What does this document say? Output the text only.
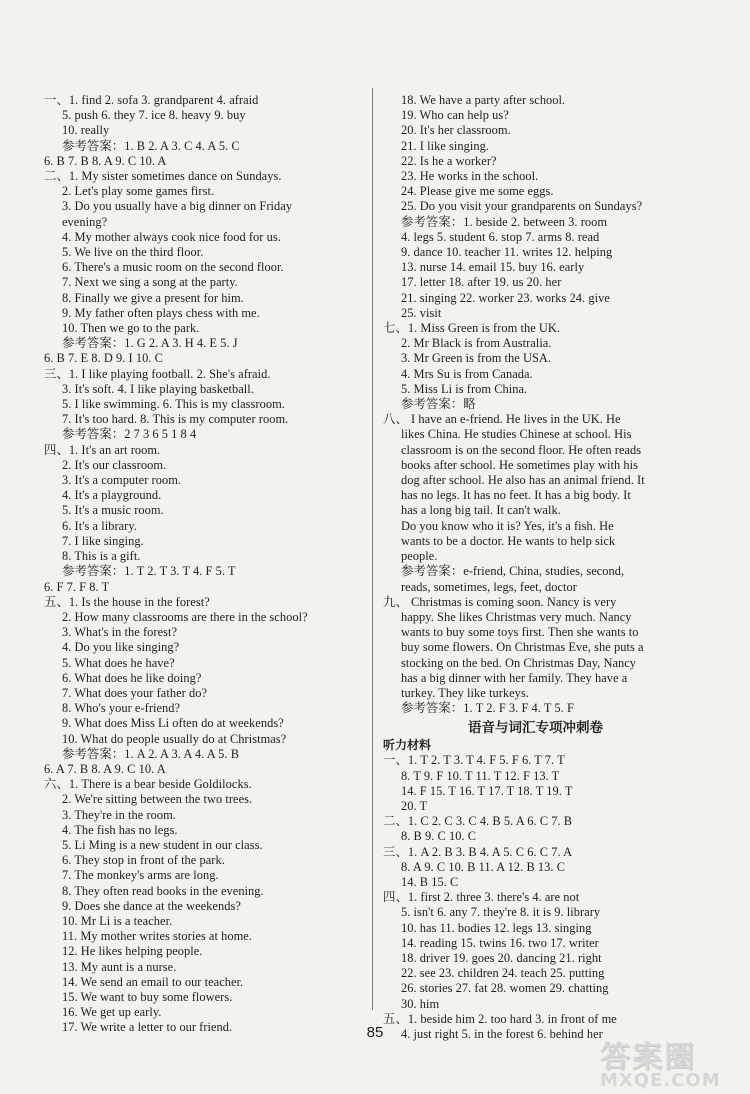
一、1. find 2. sofa 3. grandparent 4. afraid
5. push 6. they 7. ice 8. heavy 9. buy
10. really
参考答案：1. B 2. A 3. C 4. A 5. C
6. B 7. B 8. A 9. C 10. A
二、1. My sister sometimes dance on Sundays.
2. Let's play some games first.
3. Do you usually have a big dinner on Friday
evening?
4. My mother always cook nice food for us.
5. We live on the third floor.
6. There's a music room on the second floor.
7. Next we sing a song at the party.
8. Finally we give a present for him.
9. My father often plays chess with me.
10. Then we go to the park.
参考答案：1. G 2. A 3. H 4. E 5. J
6. B 7. E 8. D 9. I 10. C
三、1. I like playing football. 2. She's afraid.
3. It's soft. 4. I like playing basketball.
5. I like swimming. 6. This is my classroom.
7. It's too hard. 8. This is my computer room.
参考答案：2 7 3 6 5 1 8 4
四、1. It's an art room.
2. It's our classroom.
3. It's a computer room.
4. It's a playground.
5. It's a music room.
6. It's a library.
7. I like singing.
8. This is a gift.
参考答案：1. T 2. T 3. T 4. F 5. T
6. F 7. F 8. T
五、1. Is the house in the forest?
2. How many classrooms are there in the school?
3. What's in the forest?
4. Do you like singing?
5. What does he have?
6. What does he like doing?
7. What does your father do?
8. Who's your e-friend?
9. What does Miss Li often do at weekends?
10. What do people usually do at Christmas?
参考答案：1. A 2. A 3. A 4. A 5. B
6. A 7. B 8. A 9. C 10. A
六、1. There is a bear beside Goldilocks.
2. We're sitting between the two trees.
3. They're in the room.
4. The fish has no legs.
5. Li Ming is a new student in our class.
6. They stop in front of the park.
7. The monkey's arms are long.
8. They often read books in the evening.
9. Does she dance at the weekends?
10. Mr Li is a teacher.
11. My mother writes stories at home.
12. He likes helping people.
13. My aunt is a nurse.
14. We send an email to our teacher.
15. We want to buy some flowers.
16. We get up early.
17. We write a letter to our friend.
18. We have a party after school.
19. Who can help us?
20. It's her classroom.
21. I like singing.
22. Is he a worker?
23. He works in the school.
24. Please give me some eggs.
25. Do you visit your grandparents on Sundays?
参考答案：1. beside 2. between 3. room
4. legs 5. student 6. stop 7. arms 8. read
9. dance 10. teacher 11. writes 12. helping
13. nurse 14. email 15. buy 16. early
17. letter 18. after 19. us 20. her
21. singing 22. worker 23. works 24. give
25. visit
七、1. Miss Green is from the UK.
2. Mr Black is from Australia.
3. Mr Green is from the USA.
4. Mrs Su is from Canada.
5. Miss Li is from China.
参考答案：略
八、 I have an e-friend. He lives in the UK. He
likes China. He studies Chinese at school. His
classroom is on the second floor. He often reads
books after school. He sometimes play with his
dog after school. He also has an animal friend. It
has no legs. It has no feet. It has a big body. It
has a long big tail. It can't walk.
Do you know who it is? Yes, it's a fish. He
wants to be a doctor. He wants to help sick
people.
参考答案：e-friend, China, studies, second,
reads, sometimes, legs, feet, doctor
九、 Christmas is coming soon. Nancy is very
happy. She likes Christmas very much. Nancy
wants to buy some toys first. Then she wants to
buy some flowers. On Christmas Eve, she puts a
stocking on the bed. On Christmas Day, Nancy
has a big dinner with her family. They have a
turkey. They like turkeys.
参考答案：1. T 2. F 3. F 4. T 5. F
语音与词汇专项冲刺卷
听力材料
一、1. T 2. T 3. T 4. F 5. F 6. T 7. T
8. T 9. F 10. T 11. T 12. F 13. T
14. F 15. T 16. T 17. T 18. T 19. T
20. T
二、1. C 2. C 3. C 4. B 5. A 6. C 7. B
8. B 9. C 10. C
三、1. A 2. B 3. B 4. A 5. C 6. C 7. A
8. A 9. C 10. B 11. A 12. B 13. C
14. B 15. C
四、1. first 2. three 3. there's 4. are not
5. isn't 6. any 7. they're 8. it is 9. library
10. has 11. bodies 12. legs 13. singing
14. reading 15. twins 16. two 17. writer
18. driver 19. goes 20. dancing 21. right
22. see 23. children 24. teach 25. putting
26. stories 27. fat 28. women 29. chatting
30. him
五、1. beside him 2. too hard 3. in front of me
4. just right 5. in the forest 6. behind her
85
答案圈
MXQE.COM
